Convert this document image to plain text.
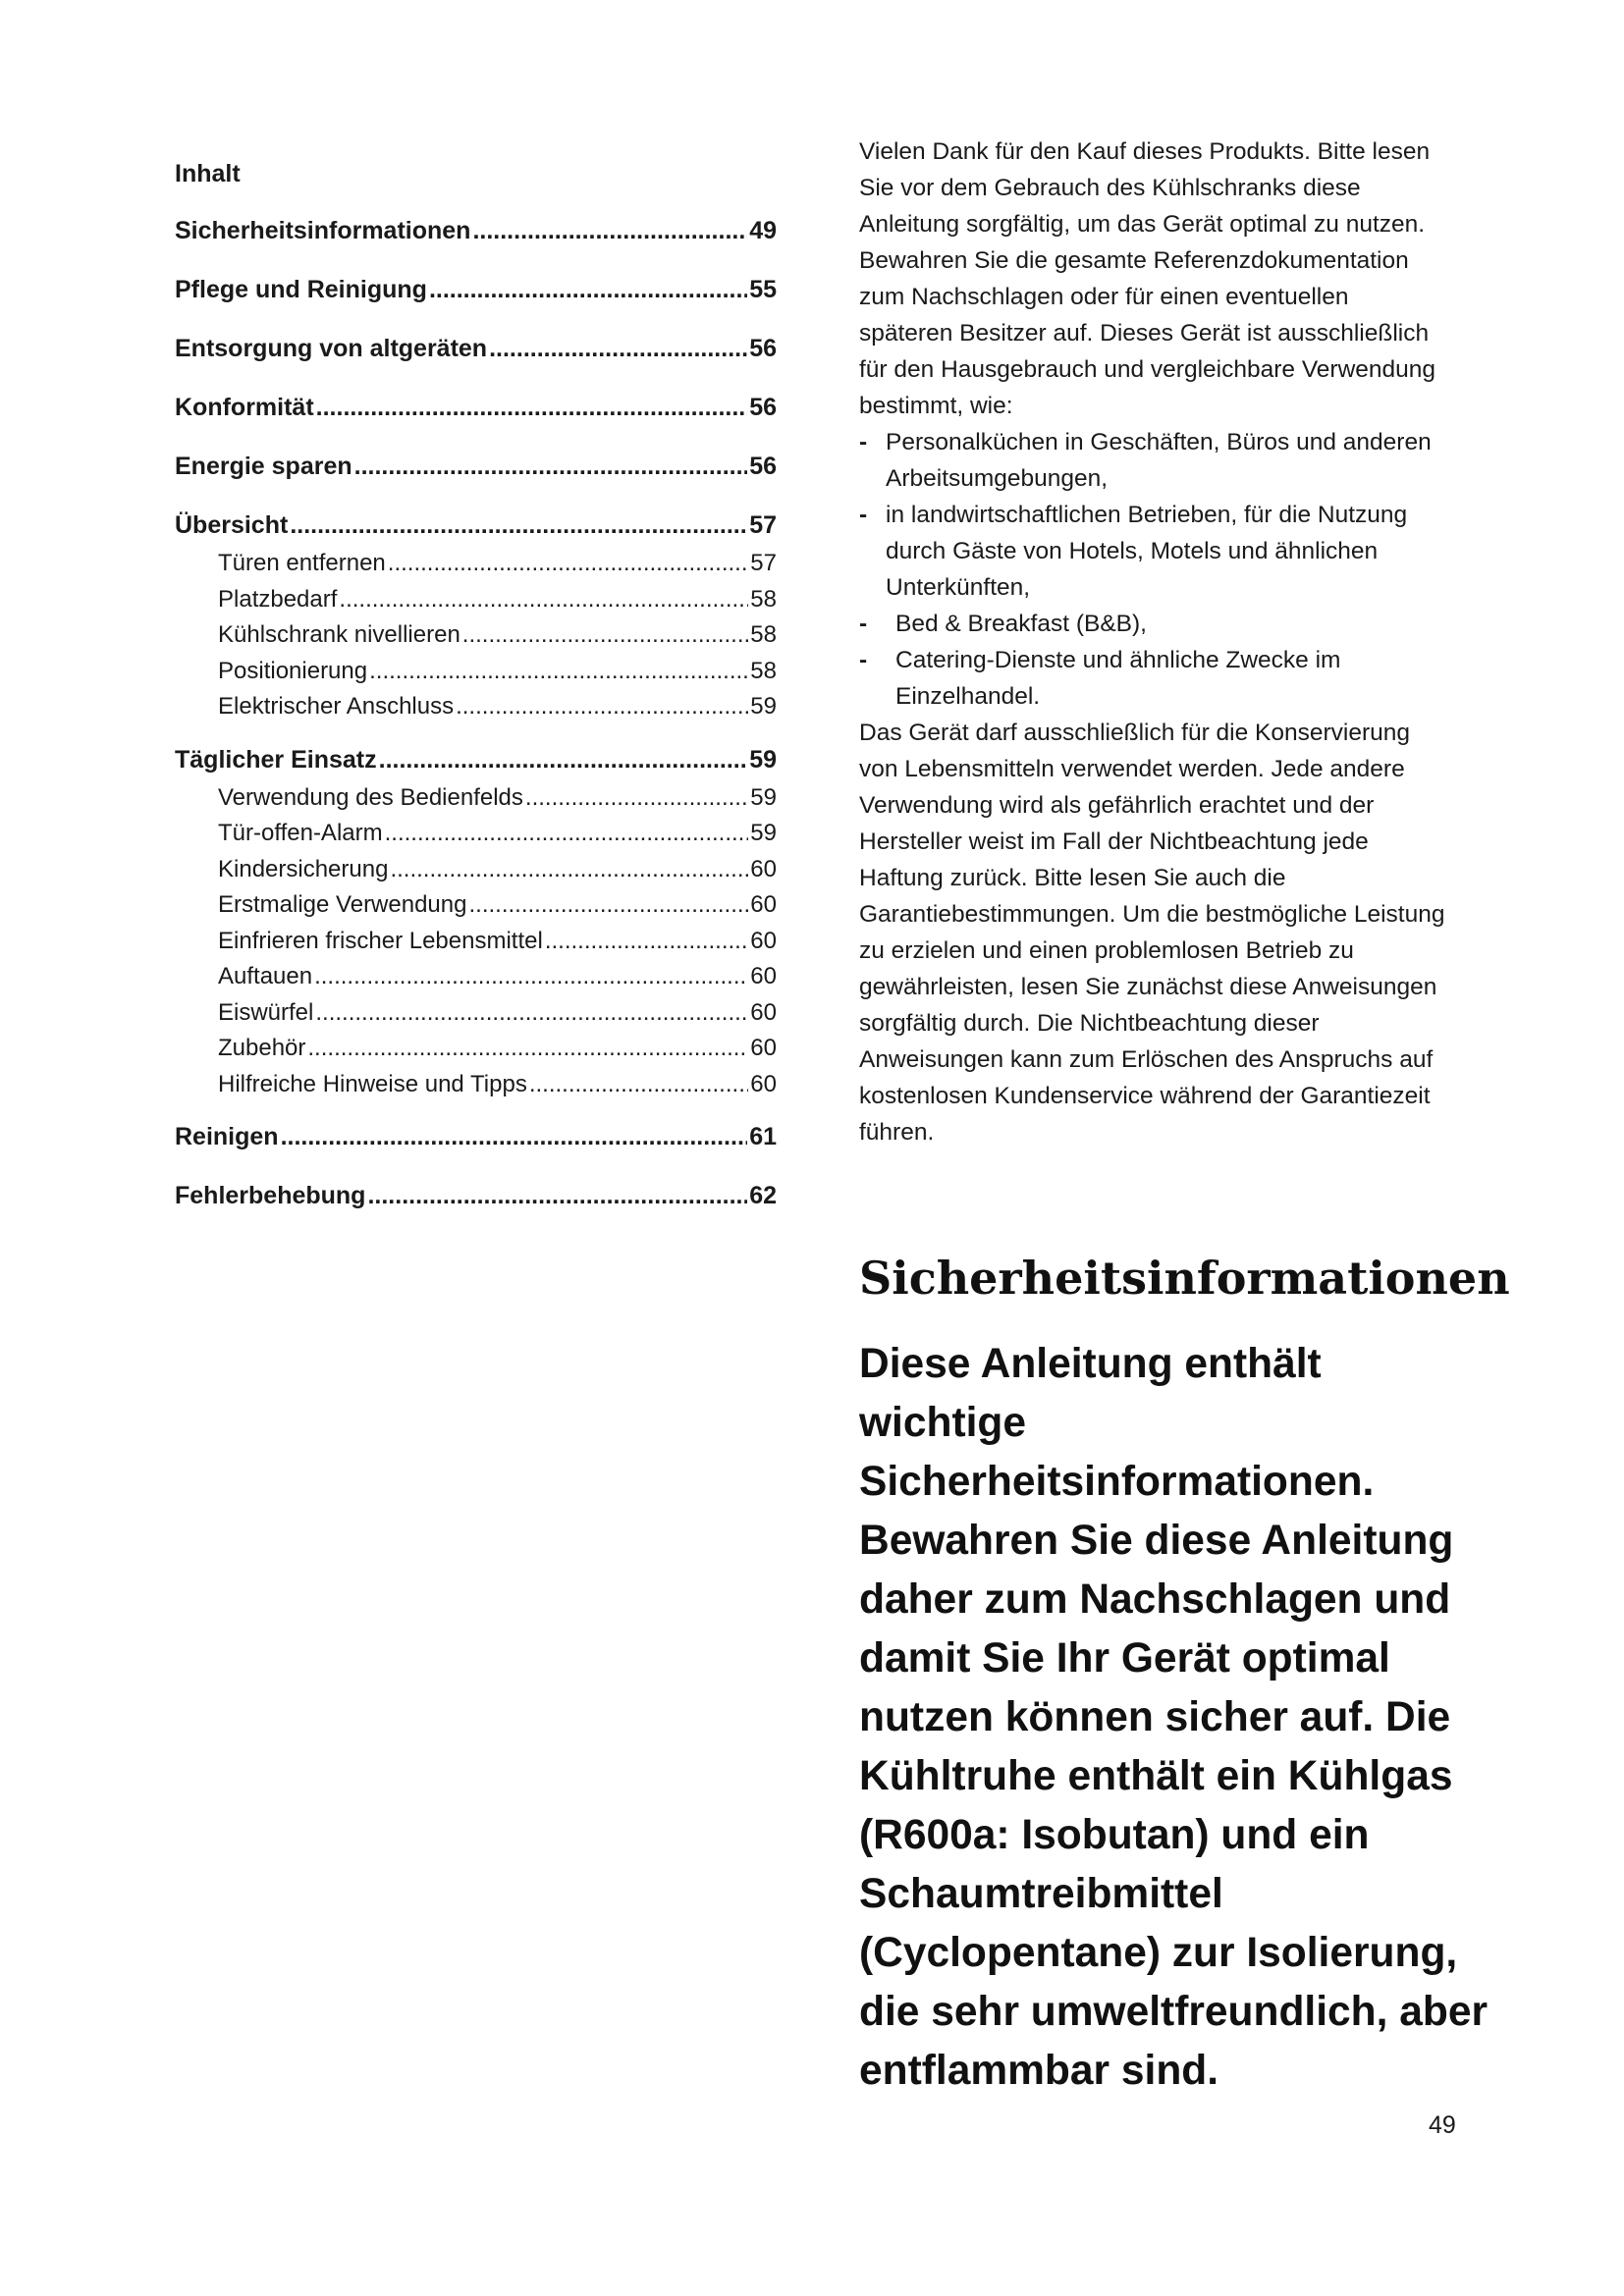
Inhalt
Sicherheitsinformationen .....	49
Pflege und Reinigung .....	55
Entsorgung von altgeräten .....	56
Konformität .....	56
Energie sparen .....	56
Übersicht .....	57
Türen entfernen .....	57
Platzbedarf .....	58
Kühlschrank nivellieren .....	58
Positionierung .....	58
Elektrischer Anschluss .....	59
Täglicher Einsatz .....	59
Verwendung des Bedienfelds .....	59
Tür-offen-Alarm .....	59
Kindersicherung .....	60
Erstmalige Verwendung .....	60
Einfrieren frischer Lebensmittel .....	60
Auftauen .....	60
Eiswürfel .....	60
Zubehör .....	60
Hilfreiche Hinweise und Tipps .....	60
Reinigen .....	61
Fehlerbehebung .....	62

Vielen Dank für den Kauf dieses Produkts. Bitte lesen Sie vor dem Gebrauch des Kühlschranks diese Anleitung sorgfältig, um das Gerät optimal zu nutzen. Bewahren Sie die gesamte Referenzdokumentation zum Nachschlagen oder für einen eventuellen späteren Besitzer auf. Dieses Gerät ist ausschließlich für den Hausgebrauch und vergleichbare Verwendung bestimmt, wie:

- Personalküchen in Geschäften, Büros und anderen Arbeitsumgebungen,
- in landwirtschaftlichen Betrieben, für die Nutzung durch Gäste von Hotels, Motels und ähnlichen Unterkünften,
- Bed & Breakfast (B&B),
- Catering-Dienste und ähnliche Zwecke im Einzelhandel.

Das Gerät darf ausschließlich für die Konservierung von Lebensmitteln verwendet werden. Jede andere Verwendung wird als gefährlich erachtet und der Hersteller weist im Fall der Nichtbeachtung jede Haftung zurück. Bitte lesen Sie auch die Garantiebestimmungen. Um die bestmögliche Leistung zu erzielen und einen problemlosen Betrieb zu gewährleisten, lesen Sie zunächst diese Anweisungen sorgfältig durch. Die Nichtbeachtung dieser Anweisungen kann zum Erlöschen des Anspruchs auf kostenlosen Kundenservice während der Garantiezeit führen.

Sicherheitsinformationen

Diese Anleitung enthält wichtige Sicherheitsinformationen. Bewahren Sie diese Anleitung daher zum Nachschlagen und damit Sie Ihr Gerät optimal nutzen können sicher auf. Die Kühltruhe enthält ein Kühlgas (R600a: Isobutan) und ein Schaumtreibmittel (Cyclopentane) zur Isolierung, die sehr umweltfreundlich, aber entflammbar sind.

49
